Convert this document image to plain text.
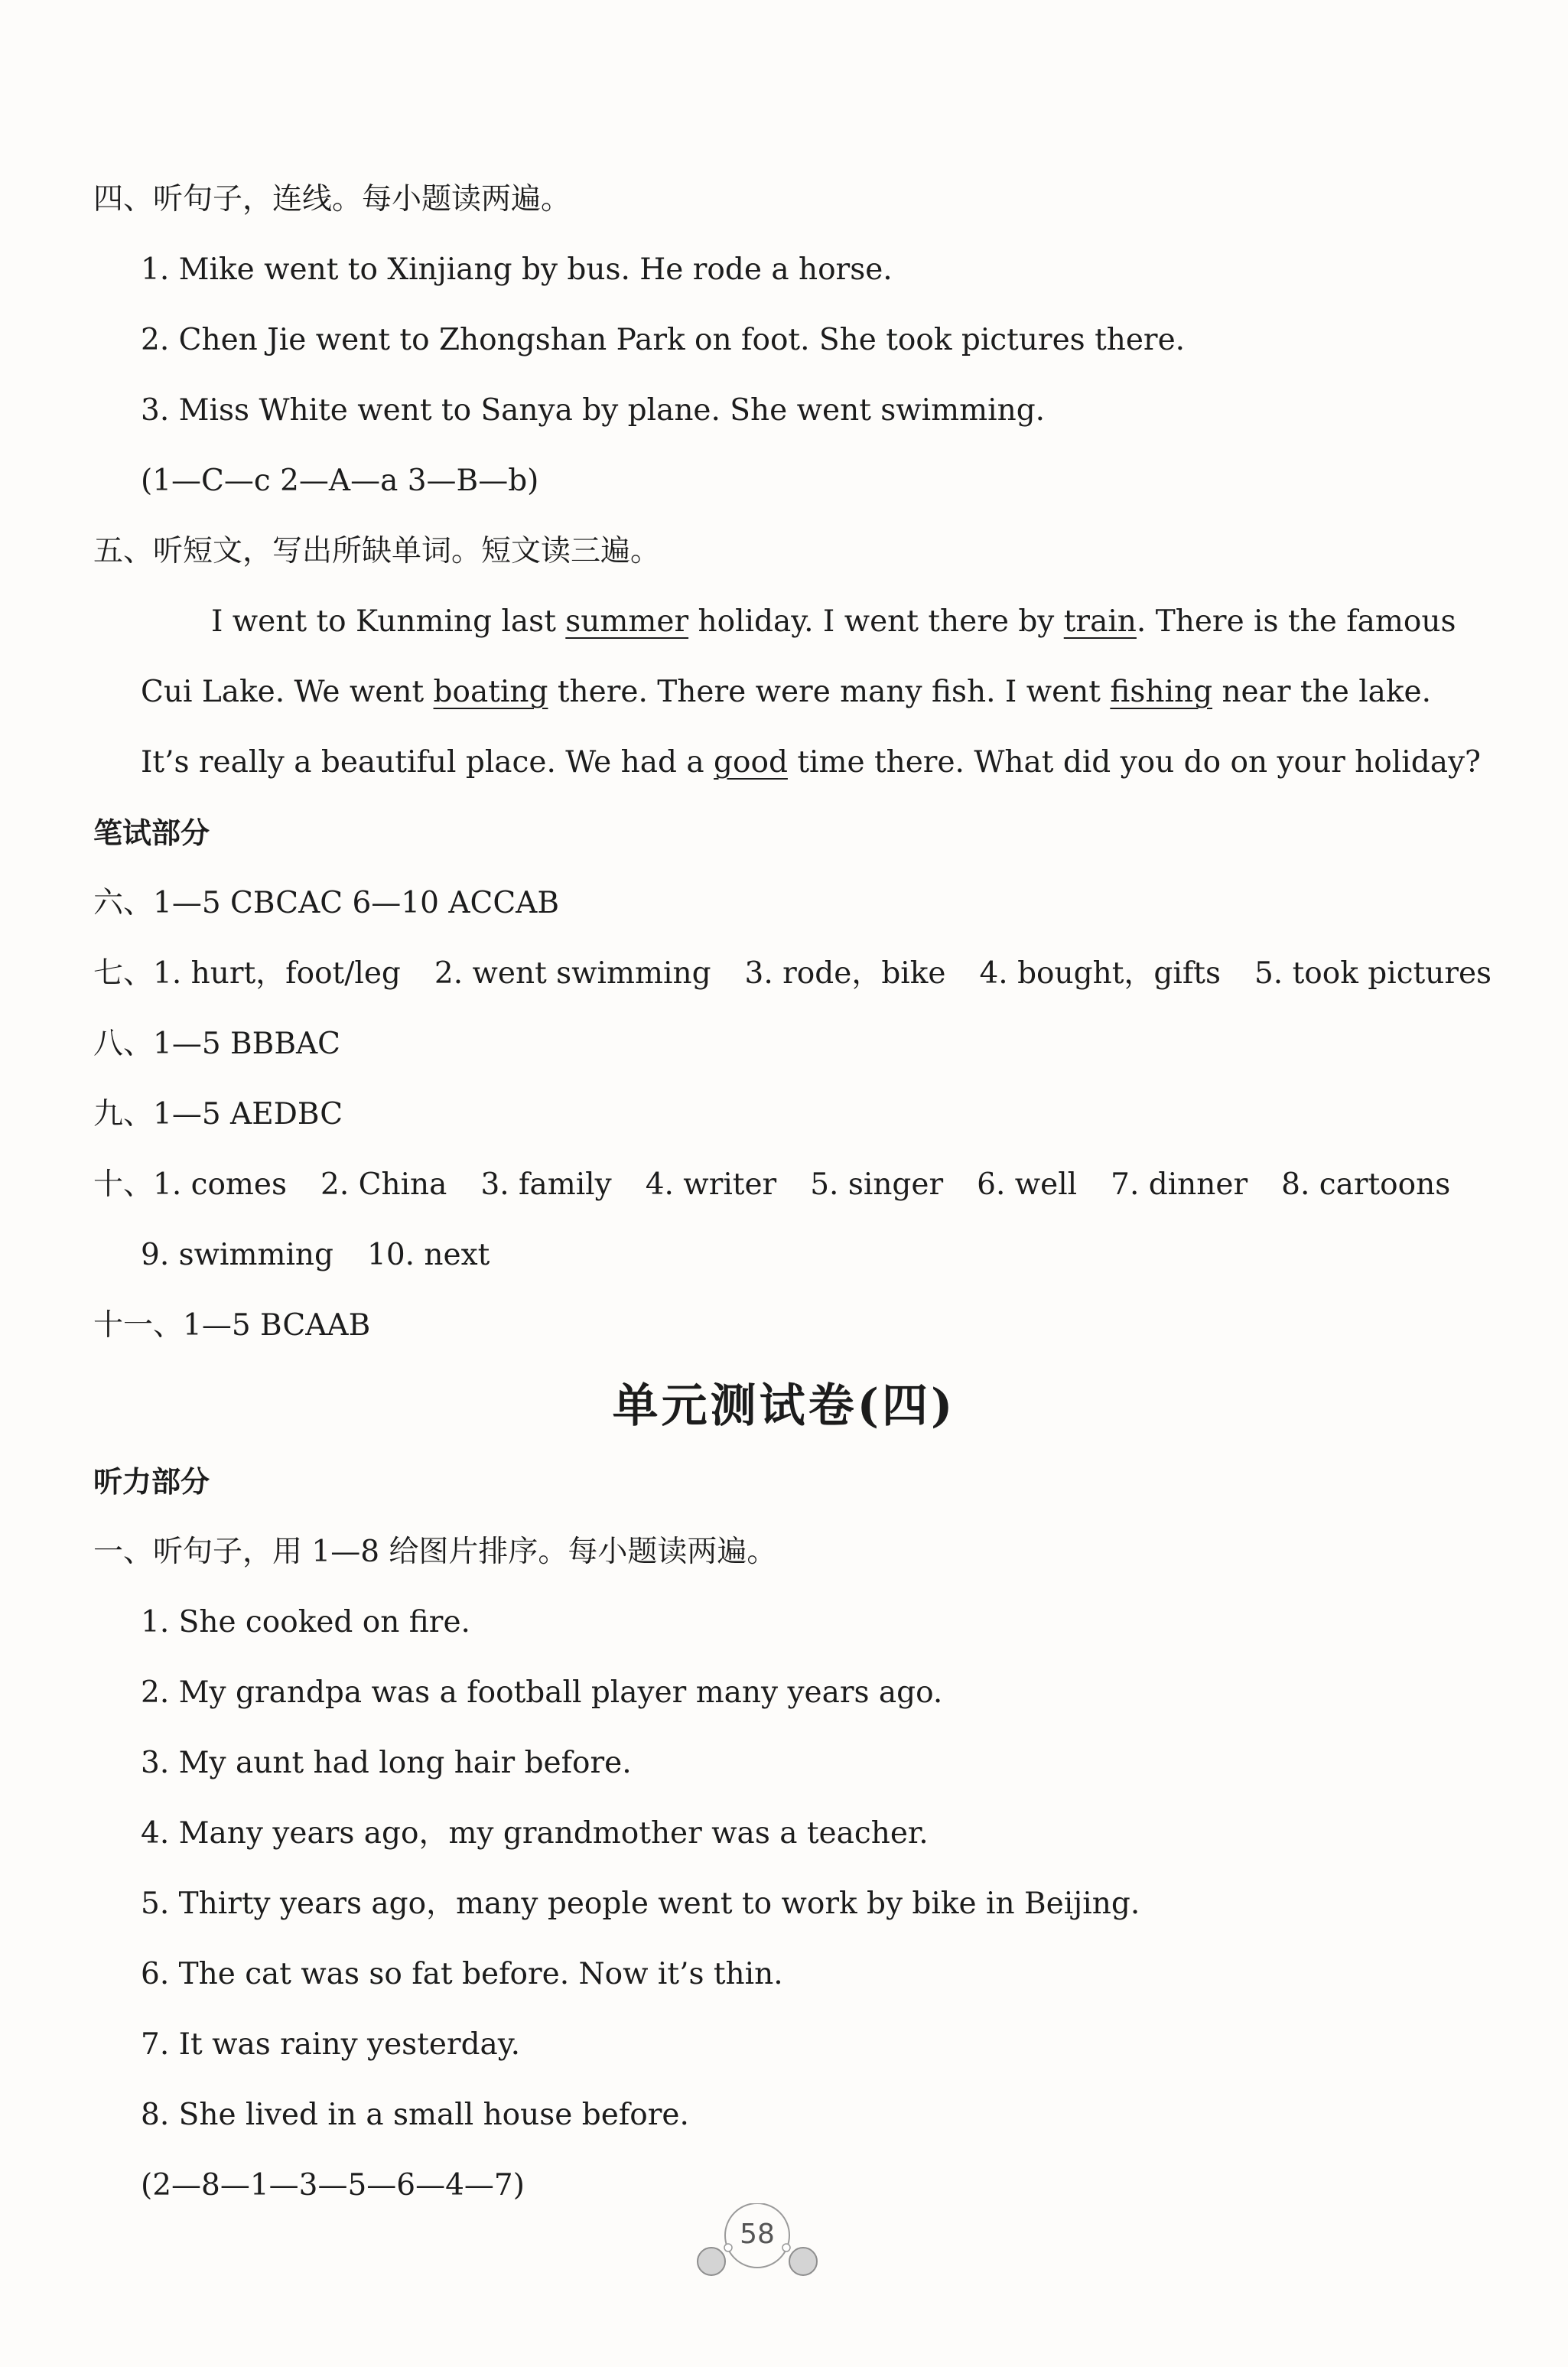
四、听句子，连线。每小题读两遍。
1. Mike went to Xinjiang by bus. He rode a horse.
2. Chen Jie went to Zhongshan Park on foot. She took pictures there.
3. Miss White went to Sanya by plane. She went swimming.
(1—C—c 2—A—a 3—B—b)
五、听短文，写出所缺单词。短文读三遍。
I went to Kunming last summer holiday. I went there by train. There is the famous
Cui Lake. We went boating there. There were many fish. I went fishing near the lake.
It’s really a beautiful place. We had a good time there. What did you do on your holiday?
笔试部分
六、1—5 CBCAC 6—10 ACCAB
七、1. hurt，foot/leg 2. went swimming 3. rode，bike 4. bought，gifts 5. took pictures
八、1—5 BBBAC
九、1—5 AEDBC
十、1. comes 2. China 3. family 4. writer 5. singer 6. well 7. dinner 8. cartoons
9. swimming 10. next
十一、1—5 BCAAB
单元测试卷(四)
听力部分
一、听句子，用 1—8 给图片排序。每小题读两遍。
1. She cooked on fire.
2. My grandpa was a football player many years ago.
3. My aunt had long hair before.
4. Many years ago，my grandmother was a teacher.
5. Thirty years ago，many people went to work by bike in Beijing.
6. The cat was so fat before. Now it’s thin.
7. It was rainy yesterday.
8. She lived in a small house before.
(2—8—1—3—5—6—4—7)
58
